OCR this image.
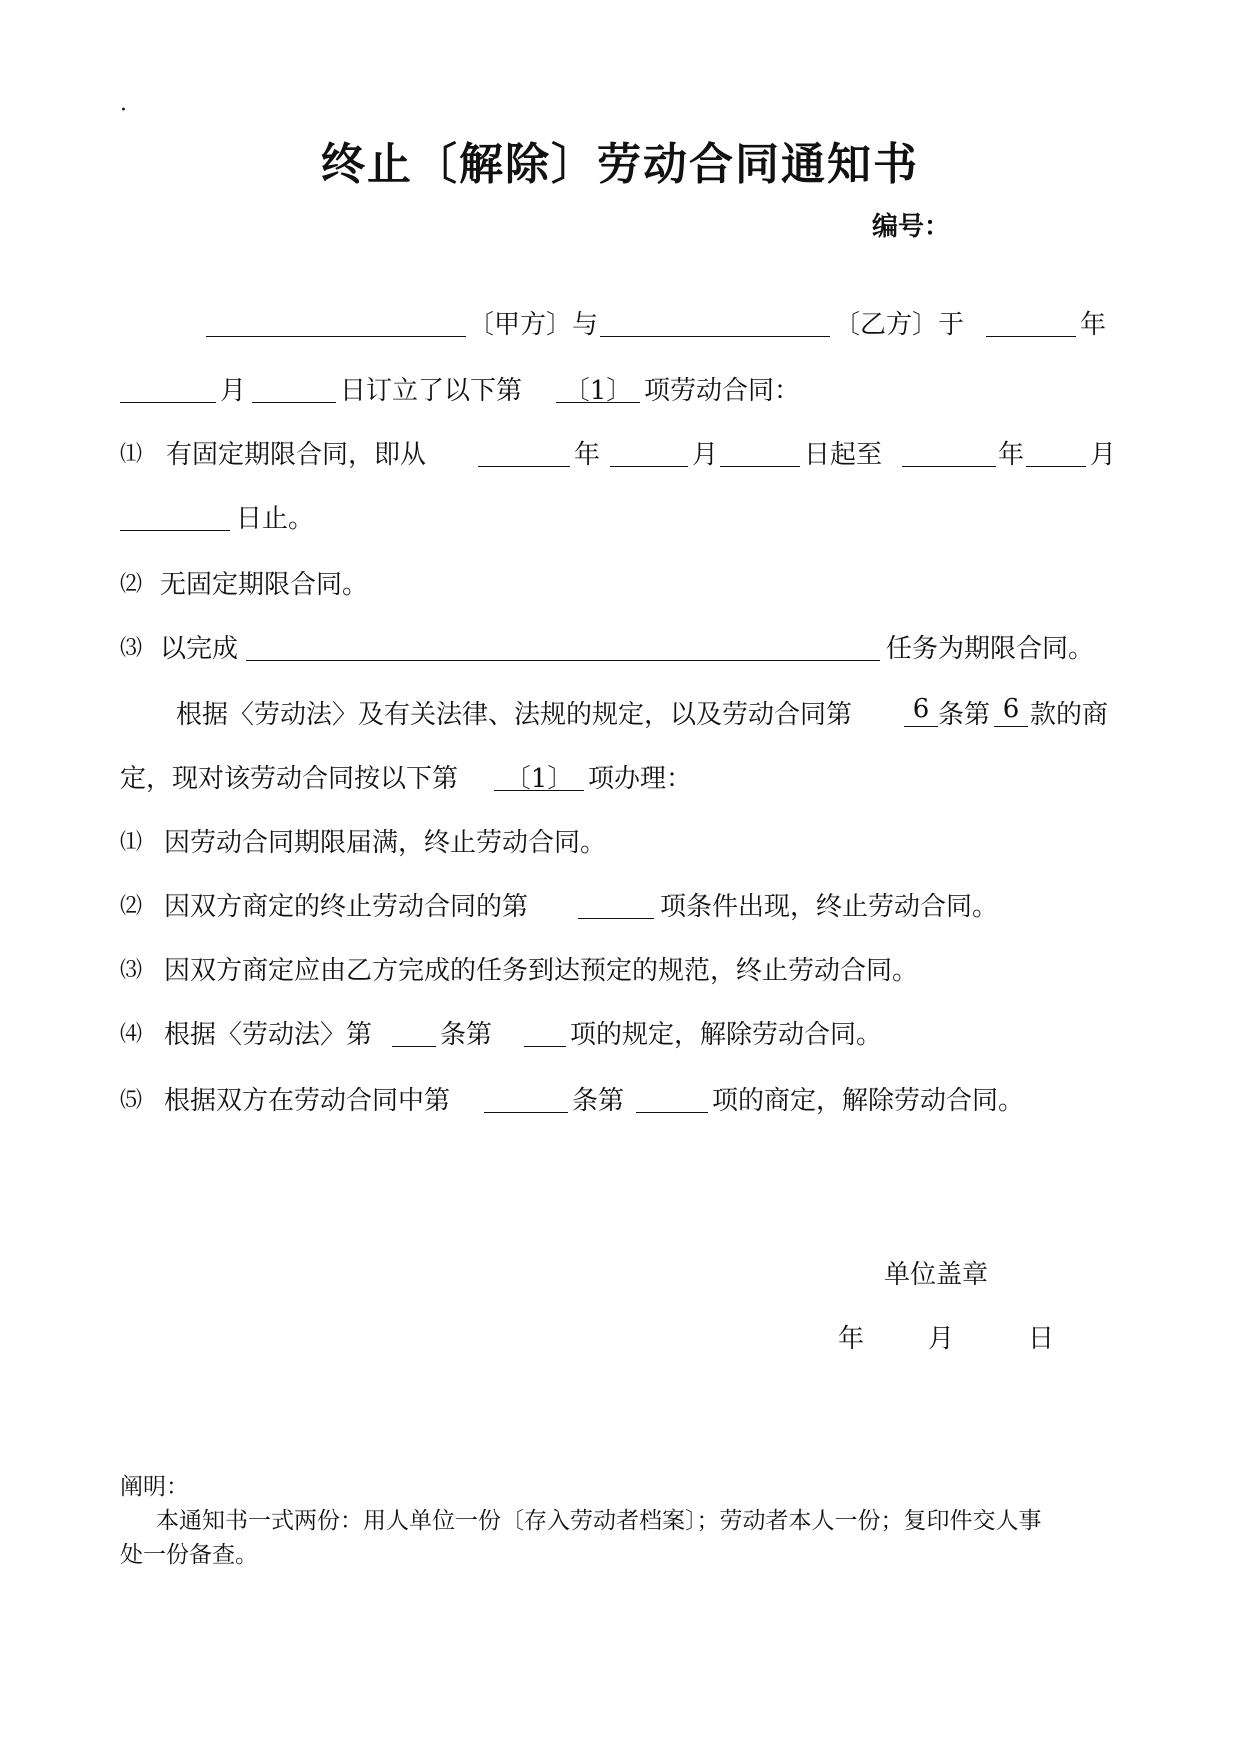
·
终止〔解除〕劳动合同通知书
编号：
〔甲方〕与	〔乙方〕于	年
月	日订立了以下第 〔1〕 项劳动合同：
⑴ 有固定期限合同，即从	年	月	日起至	年	月
日止。
⑵ 无固定期限合同。
⑶ 以完成	任务为期限合同。
根据〈劳动法〉及有关法律、法规的规定，以及劳动合同第	6 条第 6 款的商
定，现对该劳动合同按以下第	〔1〕 项办理：
⑴ 因劳动合同期限届满，终止劳动合同。
⑵ 因双方商定的终止劳动合同的第	项条件出现，终止劳动合同。
⑶ 因双方商定应由乙方完成的任务到达预定的规范，终止劳动合同。
⑷ 根据〈劳动法〉第	条第	项的规定，解除劳动合同。
⑸ 根据双方在劳动合同中第	条第	项的商定，解除劳动合同。
单位盖章
年 月	日
阐明：
本通知书一式两份：用人单位一份〔存入劳动者档案〕；劳动者本人一份；复印件交人事
处一份备查。
